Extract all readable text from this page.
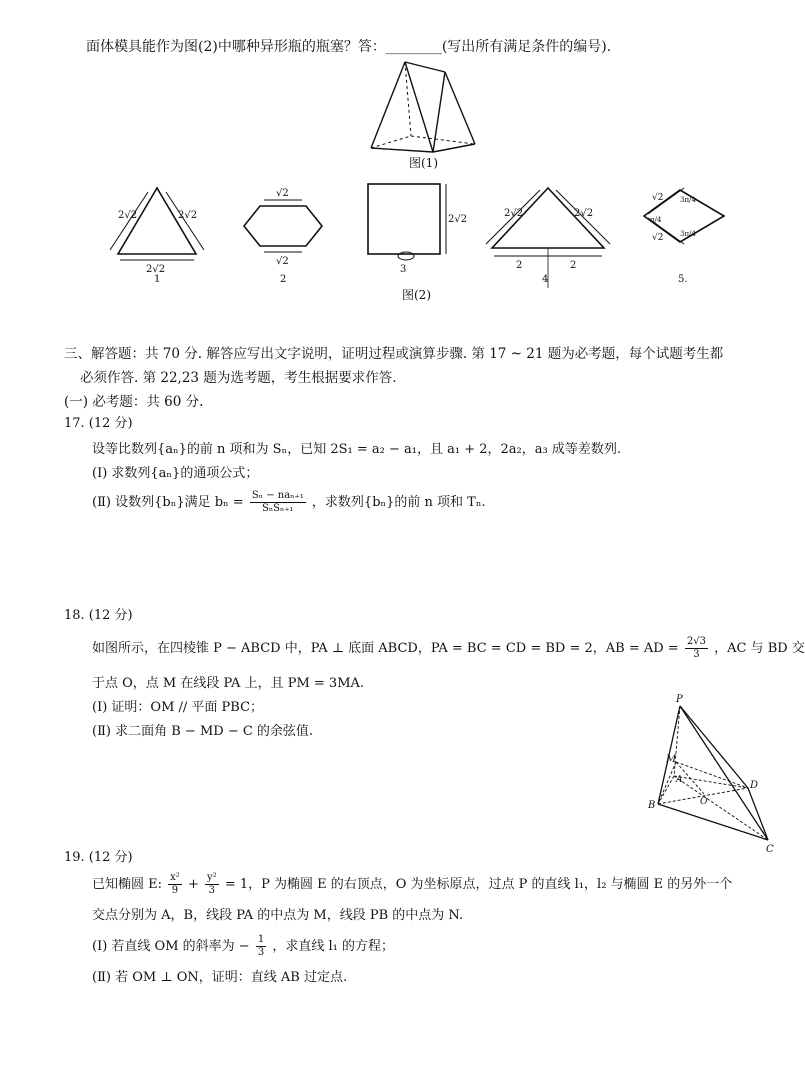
面体模具能作为图(2)中哪种异形瓶的瓶塞？答：________(写出所有满足条件的编号).
图(1)
2√2	2√2
2√2
√2
√2
2√2
2√2	2√2
2	2
√2
√2
3π/4
π/4
3π/4
1	2
3
4	5.
图(2)
三、解答题：共 70 分. 解答应写出文字说明，证明过程或演算步骤. 第 17 ~ 21 题为必考题，每个试题考生都
必须作答. 第 22,23 题为选考题，考生根据要求作答.
(一) 必考题：共 60 分.
17. (12 分)
设等比数列{aₙ}的前 n 项和为 Sₙ，已知 2S₁ = a₂ − a₁，且 a₁ + 2，2a₂，a₃ 成等差数列.
(Ⅰ) 求数列{aₙ}的通项公式；
(Ⅱ) 设数列{bₙ}满足 $b_n = \frac{\text{Sₙ − naₙ₊₁}}{\text{SₙSₙ₊₁}}$ ，求数列{bₙ}的前 n 项和 Tₙ.
18. (12 分)
如图所示，在四棱锥 P − ABCD 中，PA ⊥ 底面 ABCD，PA = BC = CD = BD = 2，AB = AD = $\frac{2√3}{3}$ ，AC 与 BD 交
于点 O，点 M 在线段 PA 上，且 PM = 3MA.
(Ⅰ) 证明：OM // 平面 PBC；
(Ⅱ) 求二面角 B − MD − C 的余弦值.
P
M
A
B	O
D
C
19. (12 分)
已知椭圆 E: $\frac{\text{x²}}{9} + \frac{\text{y²}}{3} = 1$，P 为椭圆 E 的右顶点，O 为坐标原点，过点 P 的直线 l₁，l₂ 与椭圆 E 的另外一个
交点分别为 A，B，线段 PA 的中点为 M，线段 PB 的中点为 N.
(Ⅰ) 若直线 OM 的斜率为 − $\frac{1}{3}$ ，求直线 l₁ 的方程；
(Ⅱ) 若 OM ⊥ ON，证明：直线 AB 过定点.
